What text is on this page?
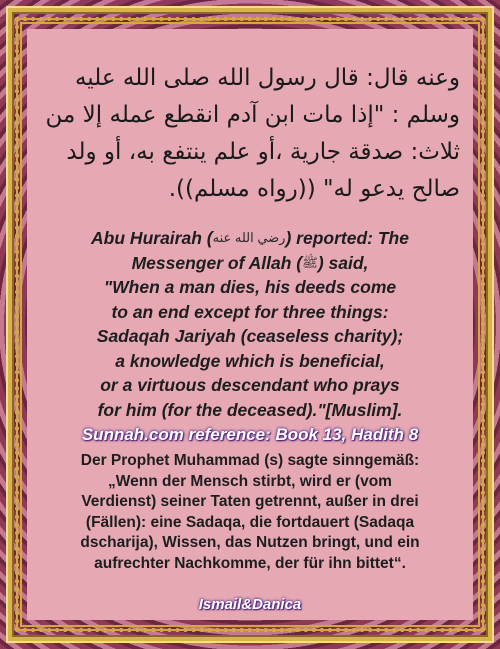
وعنه قال: قال رسول الله صلى الله عليه
وسلم : "إذا مات ابن آدم انقطع عمله إلا من
ثلاث: صدقة جارية ،أو علم ينتفع به، أو ولد
صالح يدعو له" ((رواه مسلم)).
Abu Hurairah (رضي الله عنه) reported: The
Messenger of Allah (ﷺ) said,
"When a man dies, his deeds come
to an end except for three things:
Sadaqah Jariyah (ceaseless charity);
a knowledge which is beneficial,
or a virtuous descendant who prays
for him (for the deceased)."[Muslim].
Sunnah.com reference: Book 13, Hadith 8
Der Prophet Muhammad (s) sagte sinngemäß:
„Wenn der Mensch stirbt, wird er (vom
Verdienst) seiner Taten getrennt, außer in drei
(Fällen): eine Sadaqa, die fortdauert (Sadaqa
dscharija), Wissen, das Nutzen bringt, und ein
aufrechter Nachkomme, der für ihn bittet“.
Ismail&Danica
